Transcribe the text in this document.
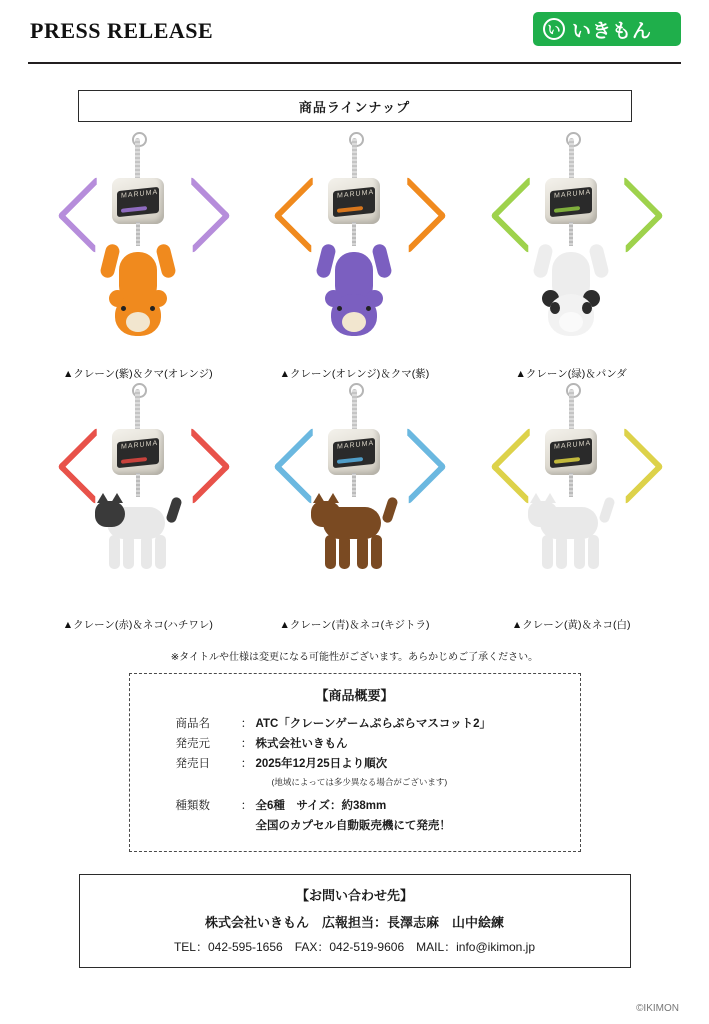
PRESS RELEASE	い いきもん
商品ラインナップ
MARUMA
▲クレーン(紫)＆クマ(オレンジ)
MARUMA
▲クレーン(オレンジ)＆クマ(紫)
MARUMA
▲クレーン(緑)＆パンダ
MARUMA
▲クレーン(赤)＆ネコ(ハチワレ)
MARUMA
▲クレーン(青)＆ネコ(キジトラ)
MARUMA
▲クレーン(黄)＆ネコ(白)
※タイトルや仕様は変更になる可能性がございます。あらかじめご了承ください。
【商品概要】
商品名	： ATC「クレーンゲームぷらぷらマスコット2」
発売元	： 株式会社いきもん
発売日	： 2025年12月25日より順次
(地域によっては多少異なる場合がございます)
種類数	： 全6種　サイズ：約38mm
全国のカプセル自動販売機にて発売！
【お問い合わせ先】
株式会社いきもん　広報担当：長澤志麻　山中絵練
TEL：042-595-1656　FAX：042-519-9606　MAIL：info@ikimon.jp
©IKIMON
